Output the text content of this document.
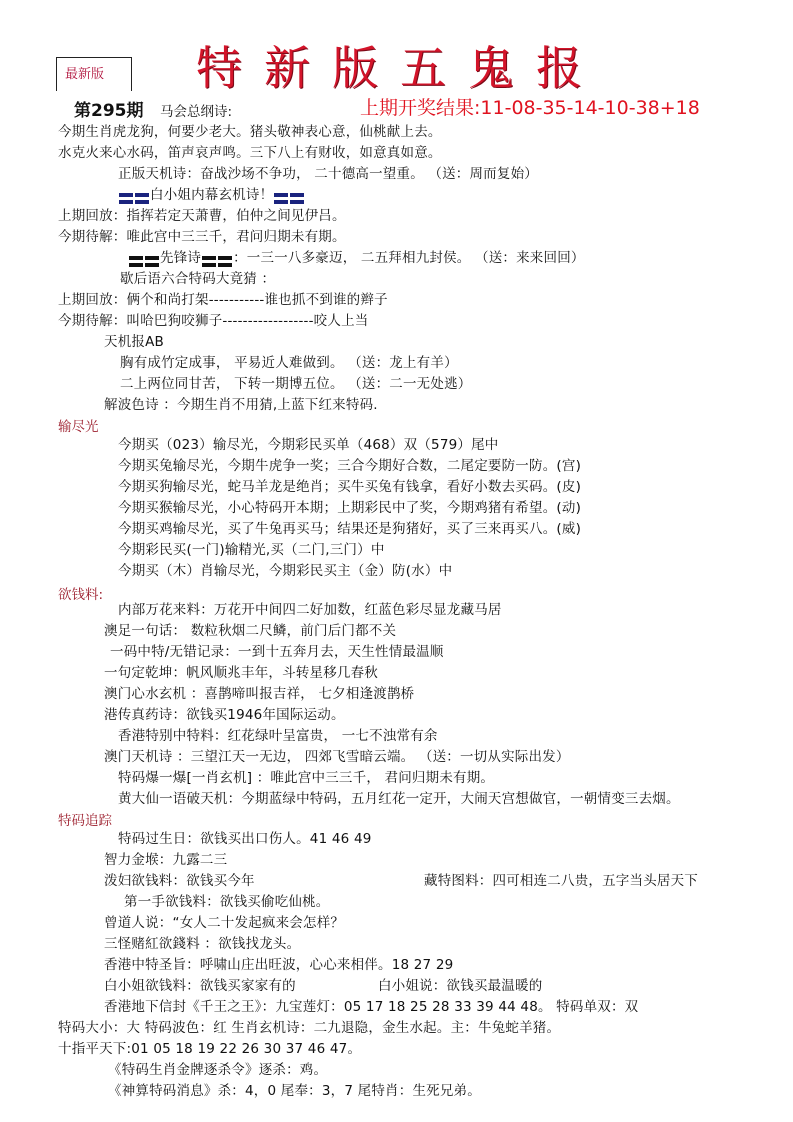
最新版 特新版五鬼报
第295期 马会总纲诗:	上期开奖结果:11-08-35-14-10-38+18
今期生肖虎龙狗，何要少老大。猪头敬神表心意，仙桃献上去。
水克火来心水码，笛声哀声鸣。三下八上有财收，如意真如意。
正版天机诗：奋战沙场不争功， 二十德高一望重。 （送：周而复始）
白小姐内幕玄机诗！
上期回放：指挥若定天萧曹，伯仲之间见伊吕。
今期待解：唯此宫中三三千，君问归期未有期。
先锋诗 ：一三一八多豪迈， 二五拜相九封侯。 （送：来来回回）
歇后语六合特码大竟猜 ：
上期回放：俩个和尚打架-----------谁也抓不到谁的辫子
今期待解：叫哈巴狗咬狮子------------------咬人上当
天机报AB
胸有成竹定成事， 平易近人难做到。 （送：龙上有羊）
二上两位同甘苦， 下转一期博五位。 （送：二一无处逃）
解波色诗 ：今期生肖不用猜,上蓝下红来特码.
输尽光
今期买（023）输尽光，今期彩民买单（468）双（579）尾中
今期买兔输尽光，今期牛虎争一奖；三合今期好合数，二尾定要防一防。(宫)
今期买狗输尽光，蛇马羊龙是绝肖；买牛买兔有钱拿，看好小数去买码。(皮)
今期买猴输尽光，小心特码开本期；上期彩民中了奖，今期鸡猪有希望。(动)
今期买鸡输尽光，买了牛兔再买马；结果还是狗猪好，买了三来再买八。(威)
今期彩民买(一门)输精光,买（二门,三门）中
今期买（木）肖输尽光，今期彩民买主（金）防(水）中
欲钱料:
内部万花来料：万花开中间四二好加数，红蓝色彩尽显龙藏马居
澳足一句话： 数粒秋烟二尺鳞，前门后门都不关
一码中特/无错记录：一到十五奔月去，天生性情最温顺
一句定乾坤：帆风顺兆丰年，斗转星移几春秋
澳门心水玄机 ：喜鹊啼叫报吉祥， 七夕相逢渡鹊桥
港传真药诗：欲钱买1946年国际运动。
香港特别中特料：红花绿叶呈富贵， 一七不浊常有余
澳门天机诗 ：三望江天一无边， 四郊飞雪暗云端。 （送：一切从实际出发）
特码爆一爆[一肖玄机] ：唯此宫中三三千， 君问归期未有期。
黄大仙一语破天机：今期蓝绿中特码，五月红花一定开，大闹天宫想做官，一朝情变三去烟。
特码追踪
特码过生日：欲钱买出口伤人。41 46 49
智力金堠：九露二三
泼妇欲钱料：欲钱买今年	藏特图料：四可相连二八贵，五字当头居天下
第一手欲钱料：欲钱买偷吃仙桃。
曾道人说：“女人二十发起疯来会怎样？
三怪赌紅欲錢料 ：欲钱找龙头。
香港中特圣旨：呼啸山庄出旺波，心心来相伴。18 27 29
白小姐欲钱料：欲钱买家家有的	白小姐说：欲钱买最温暖的
香港地下信封《千王之王》：九宝莲灯：05 17 18 25 28 33 39 44 48。 特码单双：双
特码大小：大 特码波色：红 生肖玄机诗：二九退隐，金生水起。主：牛兔蛇羊猪。
十指平天下:01 05 18 19 22 26 30 37 46 47。
《特码生肖金牌逐杀令》逐杀：鸡。
《神算特码消息》杀：4，0 尾奉：3，7 尾特肖：生死兄弟。
